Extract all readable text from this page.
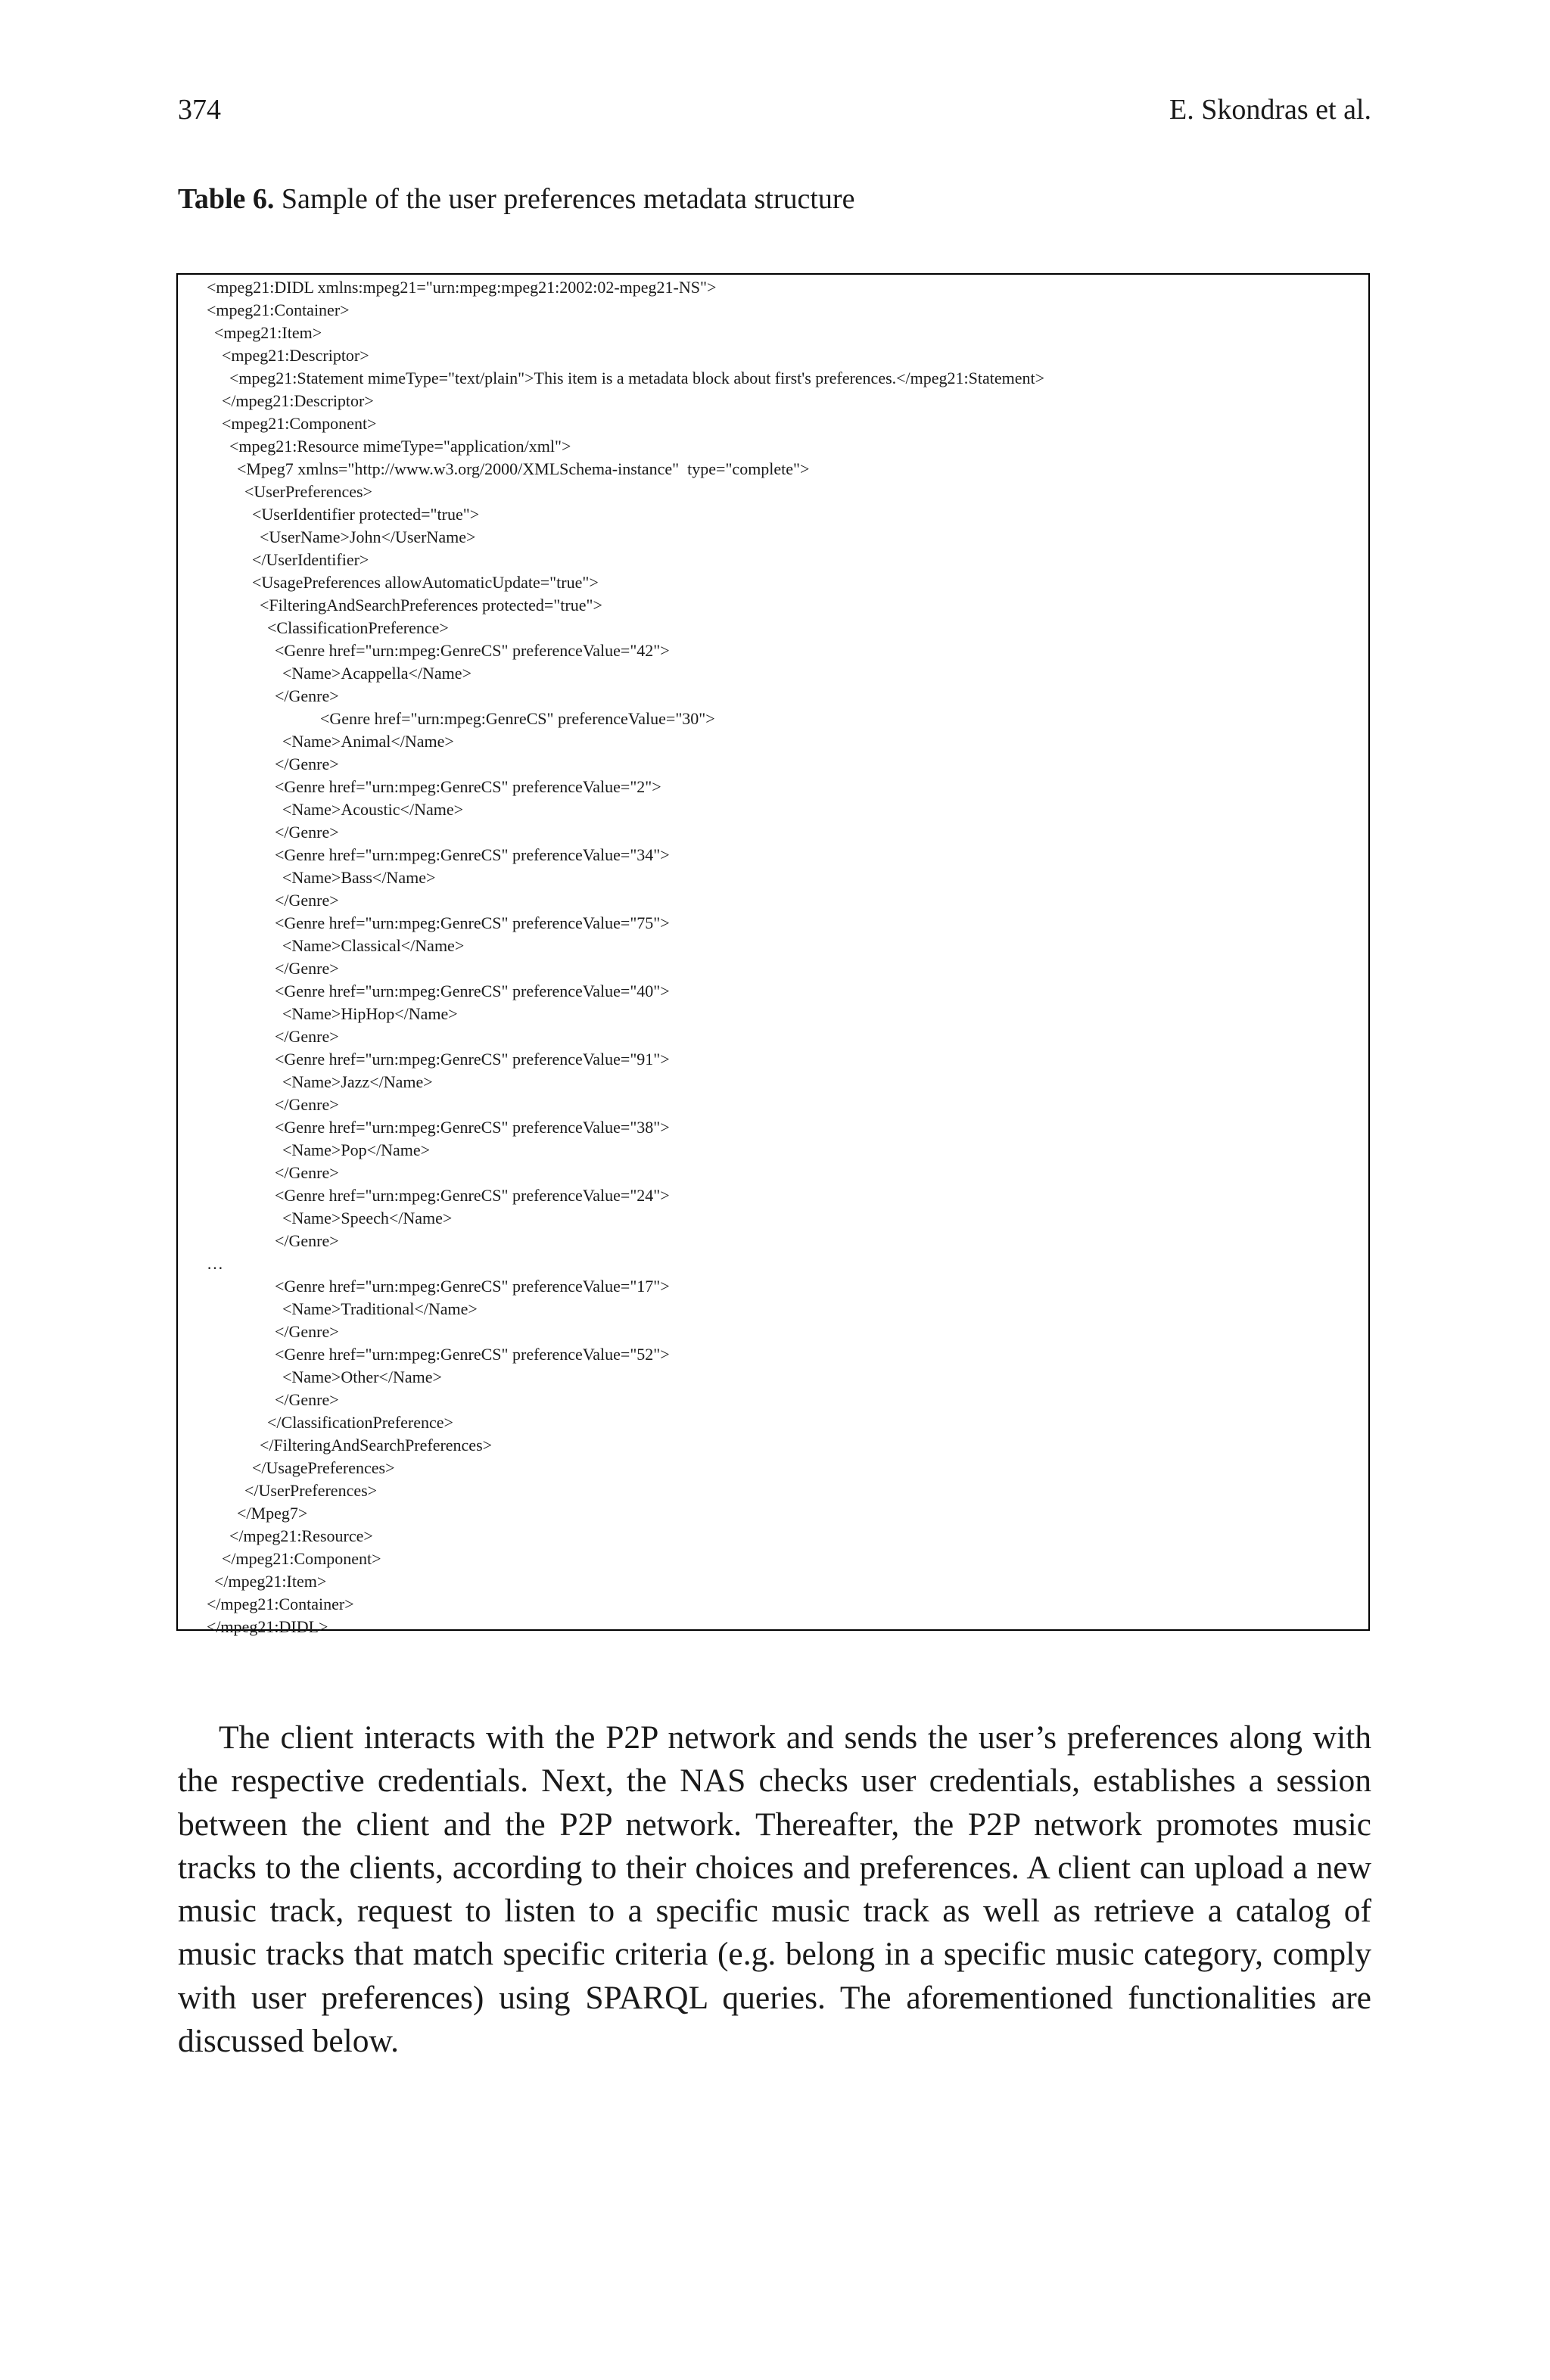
374	E. Skondras et al.
Table 6. Sample of the user preferences metadata structure
<mpeg21:DIDL xmlns:mpeg21="urn:mpeg:mpeg21:2002:02-mpeg21-NS">
<mpeg21:Container>
<mpeg21:Item>
<mpeg21:Descriptor>
<mpeg21:Statement mimeType="text/plain">This item is a metadata block about first's preferences.</mpeg21:Statement>
</mpeg21:Descriptor>
<mpeg21:Component>
<mpeg21:Resource mimeType="application/xml">
<Mpeg7 xmlns="http://www.w3.org/2000/XMLSchema-instance"  type="complete">
<UserPreferences>
<UserIdentifier protected="true">
<UserName>John</UserName>
</UserIdentifier>
<UsagePreferences allowAutomaticUpdate="true">
<FilteringAndSearchPreferences protected="true">
<ClassificationPreference>
<Genre href="urn:mpeg:GenreCS" preferenceValue="42">
<Name>Acappella</Name>
</Genre>
<Genre href="urn:mpeg:GenreCS" preferenceValue="30">
<Name>Animal</Name>
</Genre>
<Genre href="urn:mpeg:GenreCS" preferenceValue="2">
<Name>Acoustic</Name>
</Genre>
<Genre href="urn:mpeg:GenreCS" preferenceValue="34">
<Name>Bass</Name>
</Genre>
<Genre href="urn:mpeg:GenreCS" preferenceValue="75">
<Name>Classical</Name>
</Genre>
<Genre href="urn:mpeg:GenreCS" preferenceValue="40">
<Name>HipHop</Name>
</Genre>
<Genre href="urn:mpeg:GenreCS" preferenceValue="91">
<Name>Jazz</Name>
</Genre>
<Genre href="urn:mpeg:GenreCS" preferenceValue="38">
<Name>Pop</Name>
</Genre>
<Genre href="urn:mpeg:GenreCS" preferenceValue="24">
<Name>Speech</Name>
</Genre>
…
<Genre href="urn:mpeg:GenreCS" preferenceValue="17">
<Name>Traditional</Name>
</Genre>
<Genre href="urn:mpeg:GenreCS" preferenceValue="52">
<Name>Other</Name>
</Genre>
</ClassificationPreference>
</FilteringAndSearchPreferences>
</UsagePreferences>
</UserPreferences>
</Mpeg7>
</mpeg21:Resource>
</mpeg21:Component>
</mpeg21:Item>
</mpeg21:Container>
</mpeg21:DIDL>

The client interacts with the P2P network and sends the user’s preferences along with the respective credentials. Next, the NAS checks user credentials, establishes a session between the client and the P2P network. Thereafter, the P2P network promotes music tracks to the clients, according to their choices and preferences. A client can upload a new music track, request to listen to a specific music track as well as retrieve a catalog of music tracks that match specific criteria (e.g. belong in a specific music category, comply with user preferences) using SPARQL queries. The aforementioned functionalities are discussed below.
